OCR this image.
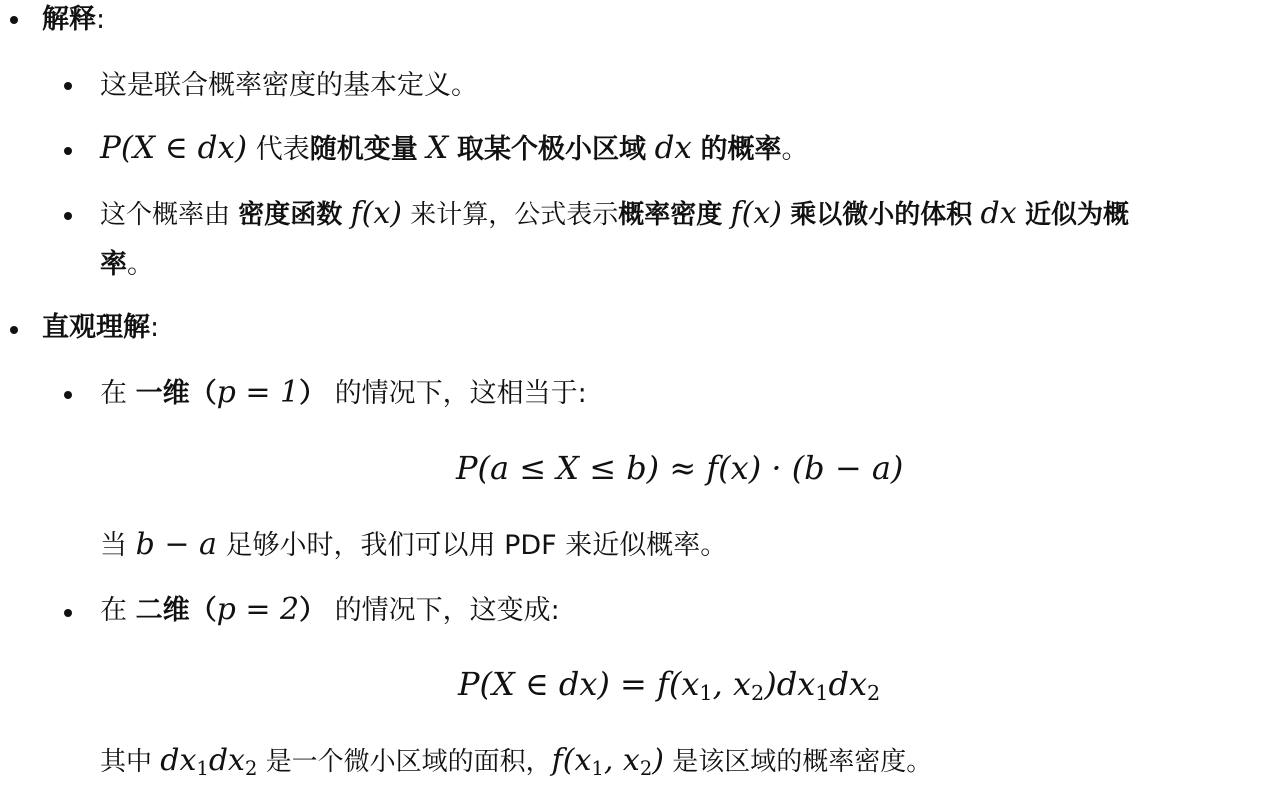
解释:
这是联合概率密度的基本定义。
P(X ∈ dx) 代表随机变量 X 取某个极小区域 dx 的概率。
这个概率由 密度函数 f(x) 来计算，公式表示概率密度 f(x) 乘以微小的体积 dx 近似为概
率。
直观理解:
在 一维（p = 1） 的情况下，这相当于:
P(a ≤ X ≤ b) ≈ f(x) · (b − a)
当 b − a 足够小时，我们可以用 PDF 来近似概率。
在 二维（p = 2） 的情况下，这变成:
P(X ∈ $dx) = f(x_1$, $x_2)dx_1dx_2$
其中 $dx_1dx_2$ 是一个微小区域的面积，$f(x_1$, $x_2$) 是该区域的概率密度。
